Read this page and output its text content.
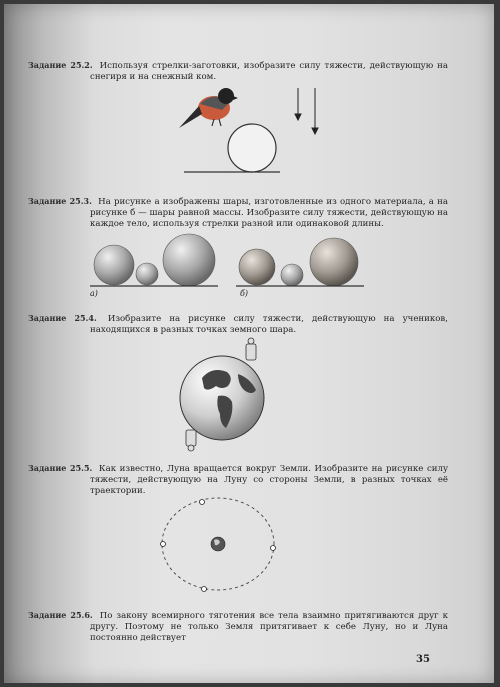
Задание 25.2. Используя стрелки-заготовки, изобразите силу тяжести, действующую на снегиря и на снежный ком.
Задание 25.3. На рисунке а изображены шары, изготовленные из одного материала, а на рисунке б — шары равной массы. Изобразите силу тяжести, действующую на каждое тело, используя стрелки разной или одинаковой длины.
а)	б)
Задание 25.4. Изобразите на рисунке силу тяжести, действующую на учеников, находящихся в разных точках земного шара.
Задание 25.5. Как известно, Луна вращается вокруг Земли. Изобразите на рисунке силу тяжести, действующую на Луну со стороны Земли, в разных точках её траектории.
Задание 25.6. По закону всемирного тяготения все тела взаимно притягиваются друг к другу. Поэтому не только Земля притягивает к себе Луну, но и Луна постоянно действует
35
